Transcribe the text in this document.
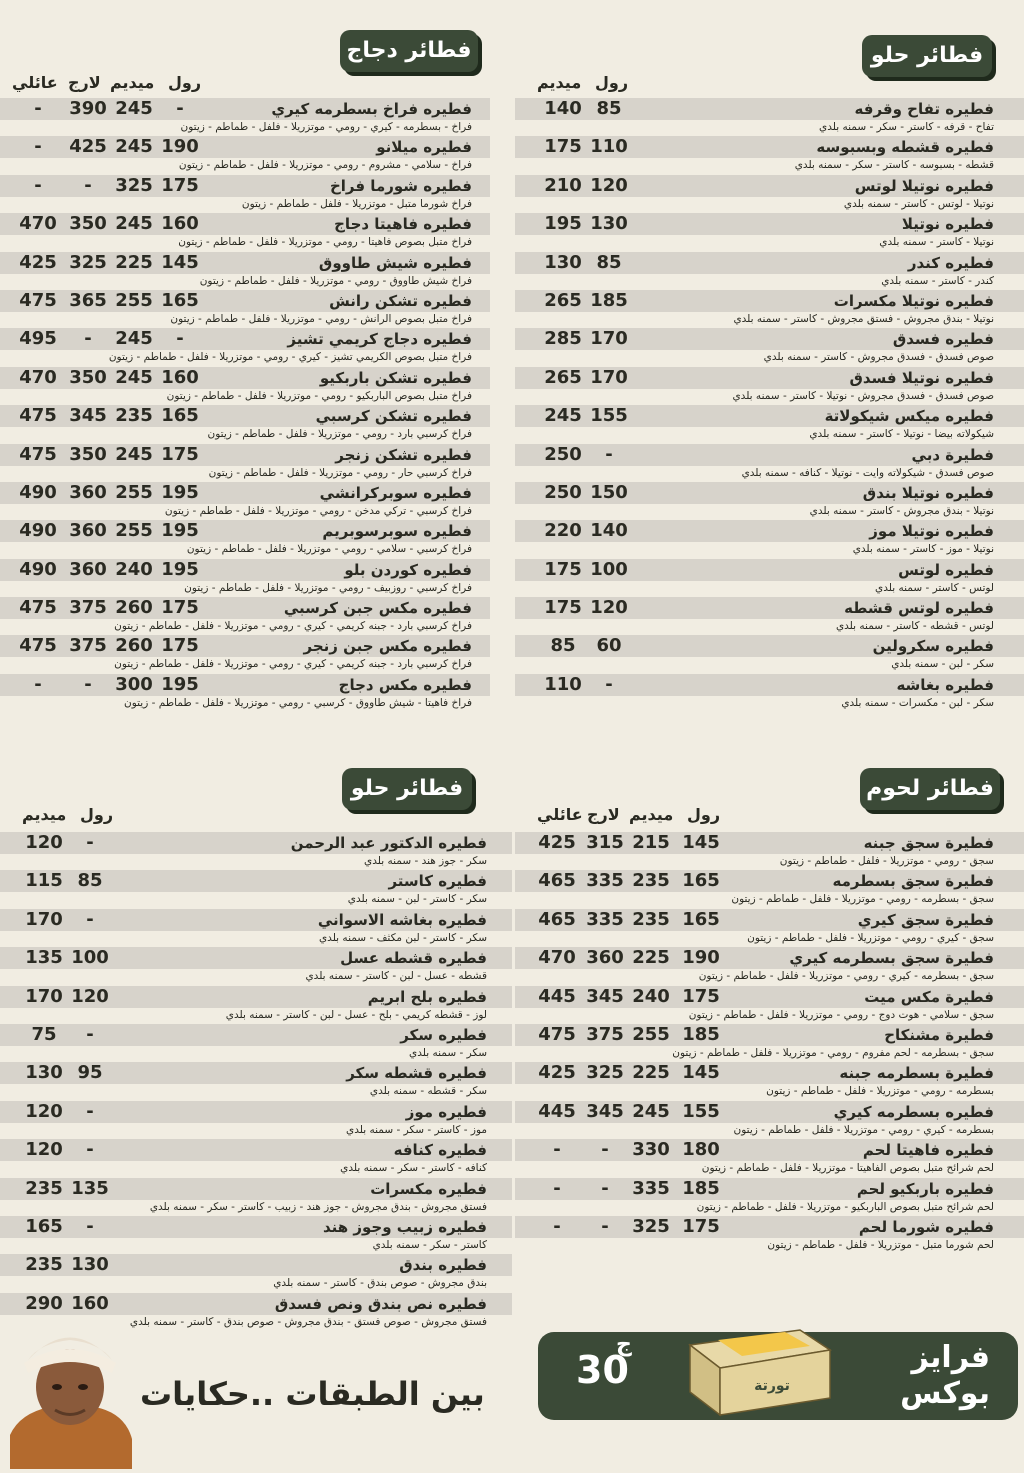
فطائر حلو
رول
ميديم
فطيره تفاح وقرفه
85
140
تفاح - قرفه - كاستر - سكر - سمنه بلدي
فطيره قشطه وبسبوسه
110
175
قشطه - بسبوسه - كاستر - سكر - سمنه بلدي
فطيره نوتيلا لوتس
120
210
نوتيلا - لوتس - كاستر - سمنه بلدي
فطيره نوتيلا
130
195
نوتيلا - كاستر - سمنه بلدي
فطيره كندر
85
130
كندر - كاستر - سمنه بلدي
فطيره نوتيلا مكسرات
185
265
نوتيلا - بندق مجروش - فستق مجروش - كاستر - سمنه بلدي
فطيره فسدق
170
285
صوص فسدق - فسدق مجروش - كاستر - سمنه بلدي
فطيره نوتيلا فسدق
170
265
صوص فسدق - فسدق مجروش - نوتيلا - كاستر - سمنه بلدي
فطيره ميكس شيكولاتة
155
245
شيكولاته بيضا - نوتيلا - كاستر - سمنه بلدي
فطيرة دبي
-
250
صوص فسدق - شيكولاته وايت - نوتيلا - كنافه - سمنه بلدي
فطيره نوتيلا بندق
150
250
نوتيلا - بندق مجروش - كاستر - سمنه بلدي
فطيره نوتيلا موز
140
220
نوتيلا - موز - كاستر - سمنه بلدي
فطيره لوتس
100
175
لوتس - كاستر - سمنه بلدي
فطيره لوتس قشطه
120
175
لوتس - قشطه - كاستر - سمنه بلدي
فطيره سكرولين
60
85
سكر - لبن - سمنه بلدي
فطيره بغاشه
-
110
سكر - لبن - مكسرات - سمنه بلدي
فطائر دجاج
رول
ميديم
لارج
عائلي
فطيره فراخ بسطرمه كيري
-
245
390
-
فراخ - بسطرمه - كيري - رومي - موتزريلا - فلفل - طماطم - زيتون
فطيره ميلانو
190
245
425
-
فراخ - سلامي - مشروم - رومي - موتزريلا - فلفل - طماطم - زيتون
فطيره شورما فراخ
175
325
-
-
فراخ شورما متبل - موتزريلا - فلفل - طماطم - زيتون
فطيره فاهيتا دجاج
160
245
350
470
فراخ متبل بصوص فاهيتا - رومي - موتزريلا - فلفل - طماطم - زيتون
فطيره شيش طاووق
145
225
325
425
فراخ شيش طاووق - رومي - موتزريلا - فلفل - طماطم - زيتون
فطيره تشكن رانش
165
255
365
475
فراخ متبل بصوص الرانش - رومي - موتزريلا - فلفل - طماطم - زيتون
فطيره دجاج كريمي تشيز
-
245
-
495
فراخ متبل بصوص الكريمي تشيز - كيري - رومي - موتزريلا - فلفل - طماطم - زيتون
فطيره تشكن باربكيو
160
245
350
470
فراخ متبل بصوص الباربكيو - رومي - موتزريلا - فلفل - طماطم - زيتون
فطيره تشكن كرسبي
165
235
345
475
فراخ كرسبي بارد - رومي - موتزريلا - فلفل - طماطم - زيتون
فطيره تشكن زنجر
175
245
350
475
فراخ كرسبي حار - رومي - موتزريلا - فلفل - طماطم - زيتون
فطيره سوبركرانشي
195
255
360
490
فراخ كرسبي - تركي مدخن - رومي - موتزريلا - فلفل - طماطم - زيتون
فطيره سوبرسوبريم
195
255
360
490
فراخ كرسبي - سلامي - رومي - موتزريلا - فلفل - طماطم - زيتون
فطيره كوردن بلو
195
240
360
490
فراخ كرسبي - روزبيف - رومي - موتزريلا - فلفل - طماطم - زيتون
فطيره مكس جبن كرسبي
175
260
375
475
فراخ كرسبي بارد - جبنه كريمي - كيري - رومي - موتزريلا - فلفل - طماطم - زيتون
فطيره مكس جبن زنجر
175
260
375
475
فراخ كرسبي بارد - جبنه كريمي - كيري - رومي - موتزريلا - فلفل - طماطم - زيتون
فطيره مكس دجاج
195
300
-
-
فراخ فاهيتا - شيش طاووق - كرسبي - رومي - موتزريلا - فلفل - طماطم - زيتون
فطائر لحوم
رول
ميديم
لارج
عائلي
فطيرة سجق جبنه
145
215
315
425
سجق - رومي - موتزريلا - فلفل - طماطم - زيتون
فطيرة سجق بسطرمه
165
235
335
465
سجق - بسطرمه - رومي - موتزريلا - فلفل - طماطم - زيتون
فطيرة سجق كيري
165
235
335
465
سجق - كيري - رومي - موتزريلا - فلفل - طماطم - زيتون
فطيرة سجق بسطرمه كيري
190
225
360
470
سجق - بسطرمه - كيري - رومي - موتزريلا - فلفل - طماطم - زيتون
فطيرة مكس ميت
175
240
345
445
سجق - سلامي - هوت دوج - رومي - موتزريلا - فلفل - طماطم - زيتون
فطيرة مشنكاح
185
255
375
475
سجق - بسطرمه - لحم مفروم - رومي - موتزريلا - فلفل - طماطم - زيتون
فطيرة بسطرمه جبنه
145
225
325
425
بسطرمه - رومي - موتزريلا - فلفل - طماطم - زيتون
فطيره بسطرمه كيري
155
245
345
445
بسطرمه - كيري - رومي - موتزريلا - فلفل - طماطم - زيتون
فطيره فاهيتا لحم
180
330
-
-
لحم شرائح متبل بصوص الفاهيتا - موتزريلا - فلفل - طماطم - زيتون
فطيره باربكيو لحم
185
335
-
-
لحم شرائح متبل بصوص الباربكيو - موتزريلا - فلفل - طماطم - زيتون
فطيره شورما لحم
175
325
-
-
لحم شورما متبل - موتزريلا - فلفل - طماطم - زيتون
فطائر حلو
رول
ميديم
فطيره الدكتور عبد الرحمن
-
120
سكر - جوز هند - سمنه بلدي
فطيره كاستر
85
115
سكر - كاستر - لبن - سمنه بلدي
فطيره بغاشه الاسواني
-
170
سكر - كاستر - لبن مكثف - سمنه بلدي
فطيره قشطه عسل
100
135
قشطه - عسل - لبن - كاستر - سمنه بلدي
فطيره بلح ابريم
120
170
لوز - قشطه كريمي - بلح - عسل - لبن - كاستر - سمنه بلدي
فطيره سكر
-
75
سكر - سمنه بلدي
فطيره قشطه سكر
95
130
سكر - قشطه - سمنه بلدي
فطيره موز
-
120
موز - كاستر - سكر - سمنه بلدي
فطيره كنافه
-
120
كنافه - كاستر - سكر - سمنه بلدي
فطيره مكسرات
135
235
فستق مجروش - بندق مجروش - جوز هند - زبيب - كاستر - سكر - سمنه بلدي
فطيره زبيب وجوز هند
-
165
كاستر - سكر - سمنه بلدي
فطيره بندق
130
235
بندق مجروش - صوص بندق - كاستر - سمنه بلدي
فطيره نص بندق ونص فسدق
160
290
فستق مجروش - صوص فستق - بندق مجروش - صوص بندق - كاستر - سمنه بلدي
فرايز
بوكس
ج
30	تورتة
بين الطبقات ..حكايات
